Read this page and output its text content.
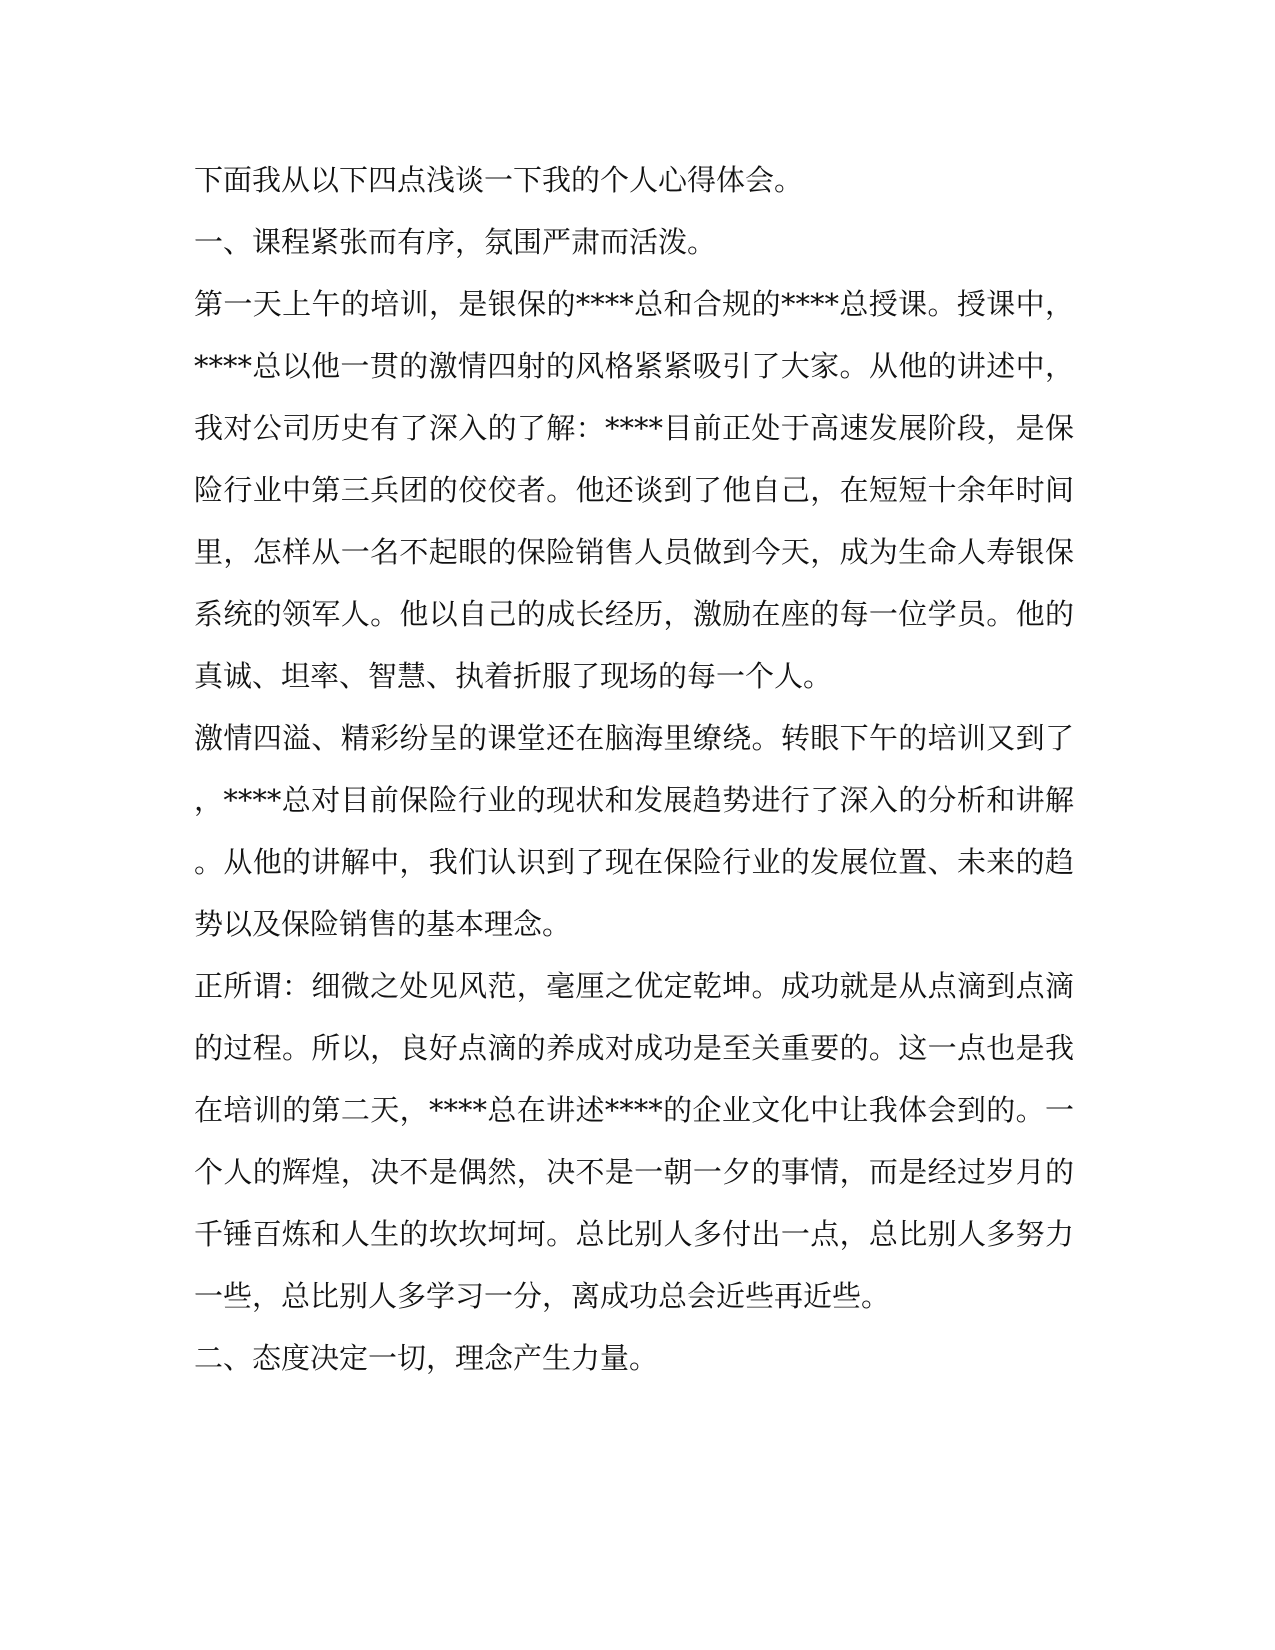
下面我从以下四点浅谈一下我的个人心得体会。

一、课程紧张而有序，氛围严肃而活泼。

第一天上午的培训，是银保的****总和合规的****总授课。授课中，

****总以他一贯的激情四射的风格紧紧吸引了大家。从他的讲述中，

我对公司历史有了深入的了解：****目前正处于高速发展阶段，是保

险行业中第三兵团的佼佼者。他还谈到了他自己，在短短十余年时间

里，怎样从一名不起眼的保险销售人员做到今天，成为生命人寿银保

系统的领军人。他以自己的成长经历，激励在座的每一位学员。他的

真诚、坦率、智慧、执着折服了现场的每一个人。

激情四溢、精彩纷呈的课堂还在脑海里缭绕。转眼下午的培训又到了

，****总对目前保险行业的现状和发展趋势进行了深入的分析和讲解

。从他的讲解中，我们认识到了现在保险行业的发展位置、未来的趋

势以及保险销售的基本理念。

正所谓：细微之处见风范，毫厘之优定乾坤。成功就是从点滴到点滴

的过程。所以，良好点滴的养成对成功是至关重要的。这一点也是我

在培训的第二天，****总在讲述****的企业文化中让我体会到的。一

个人的辉煌，决不是偶然，决不是一朝一夕的事情，而是经过岁月的

千锤百炼和人生的坎坎坷坷。总比别人多付出一点，总比别人多努力

一些，总比别人多学习一分，离成功总会近些再近些。

二、态度决定一切，理念产生力量。
